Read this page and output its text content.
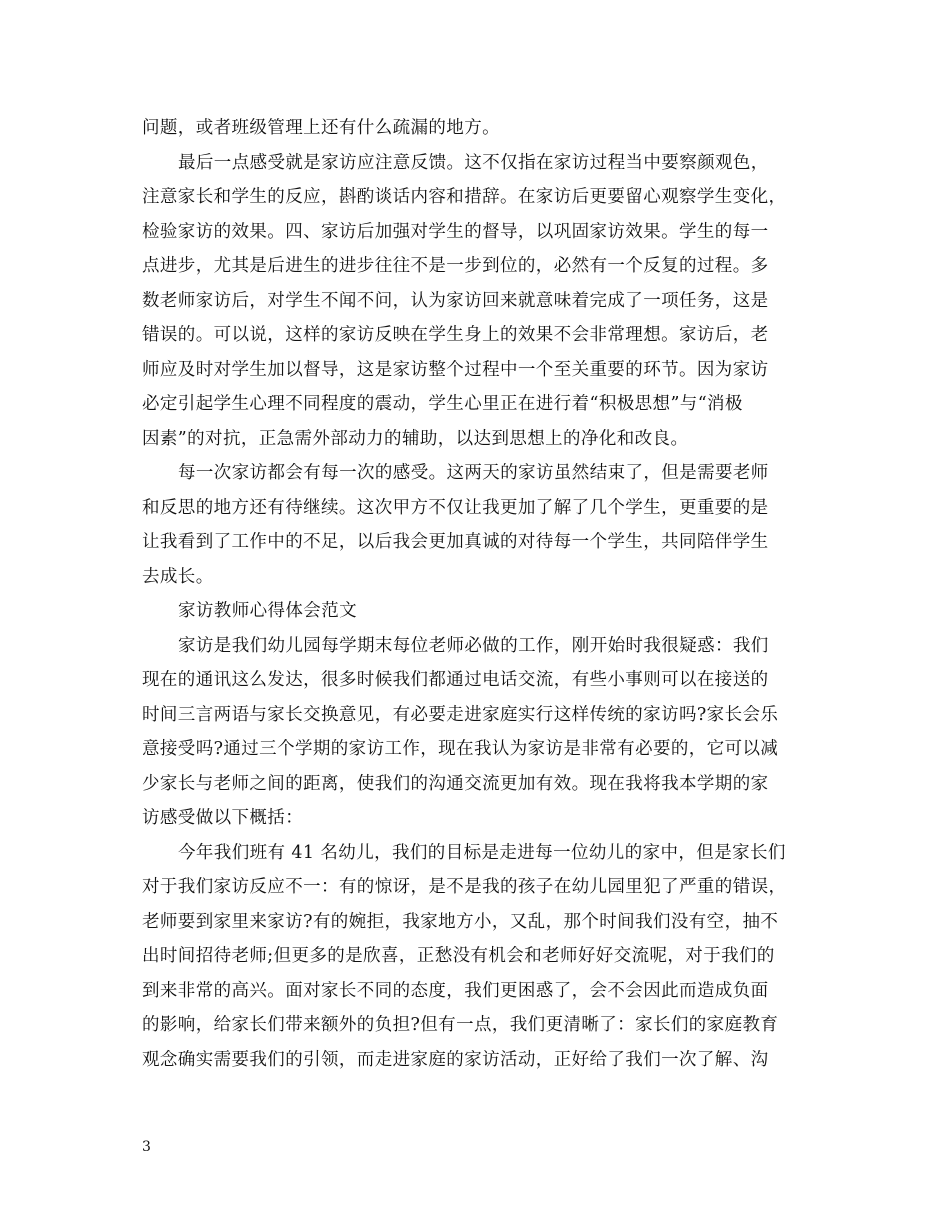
问题，或者班级管理上还有什么疏漏的地方。
最后一点感受就是家访应注意反馈。这不仅指在家访过程当中要察颜观色，
注意家长和学生的反应，斟酌谈话内容和措辞。在家访后更要留心观察学生变化，
检验家访的效果。四、家访后加强对学生的督导，以巩固家访效果。学生的每一
点进步，尤其是后进生的进步往往不是一步到位的，必然有一个反复的过程。多
数老师家访后，对学生不闻不问，认为家访回来就意味着完成了一项任务，这是
错误的。可以说，这样的家访反映在学生身上的效果不会非常理想。家访后，老
师应及时对学生加以督导，这是家访整个过程中一个至关重要的环节。因为家访
必定引起学生心理不同程度的震动，学生心里正在进行着“积极思想”与“消极
因素”的对抗，正急需外部动力的辅助，以达到思想上的净化和改良。
每一次家访都会有每一次的感受。这两天的家访虽然结束了，但是需要老师
和反思的地方还有待继续。这次甲方不仅让我更加了解了几个学生，更重要的是
让我看到了工作中的不足，以后我会更加真诚的对待每一个学生，共同陪伴学生
去成长。
家访教师心得体会范文
家访是我们幼儿园每学期末每位老师必做的工作，刚开始时我很疑惑：我们
现在的通讯这么发达，很多时候我们都通过电话交流，有些小事则可以在接送的
时间三言两语与家长交换意见，有必要走进家庭实行这样传统的家访吗?家长会乐
意接受吗?通过三个学期的家访工作，现在我认为家访是非常有必要的，它可以减
少家长与老师之间的距离，使我们的沟通交流更加有效。现在我将我本学期的家
访感受做以下概括：
今年我们班有 41 名幼儿，我们的目标是走进每一位幼儿的家中，但是家长们
对于我们家访反应不一：有的惊讶，是不是我的孩子在幼儿园里犯了严重的错误，
老师要到家里来家访?有的婉拒，我家地方小，又乱，那个时间我们没有空，抽不
出时间招待老师;但更多的是欣喜，正愁没有机会和老师好好交流呢，对于我们的
到来非常的高兴。面对家长不同的态度，我们更困惑了，会不会因此而造成负面
的影响，给家长们带来额外的负担?但有一点，我们更清晰了：家长们的家庭教育
观念确实需要我们的引领，而走进家庭的家访活动，正好给了我们一次了解、沟
3
